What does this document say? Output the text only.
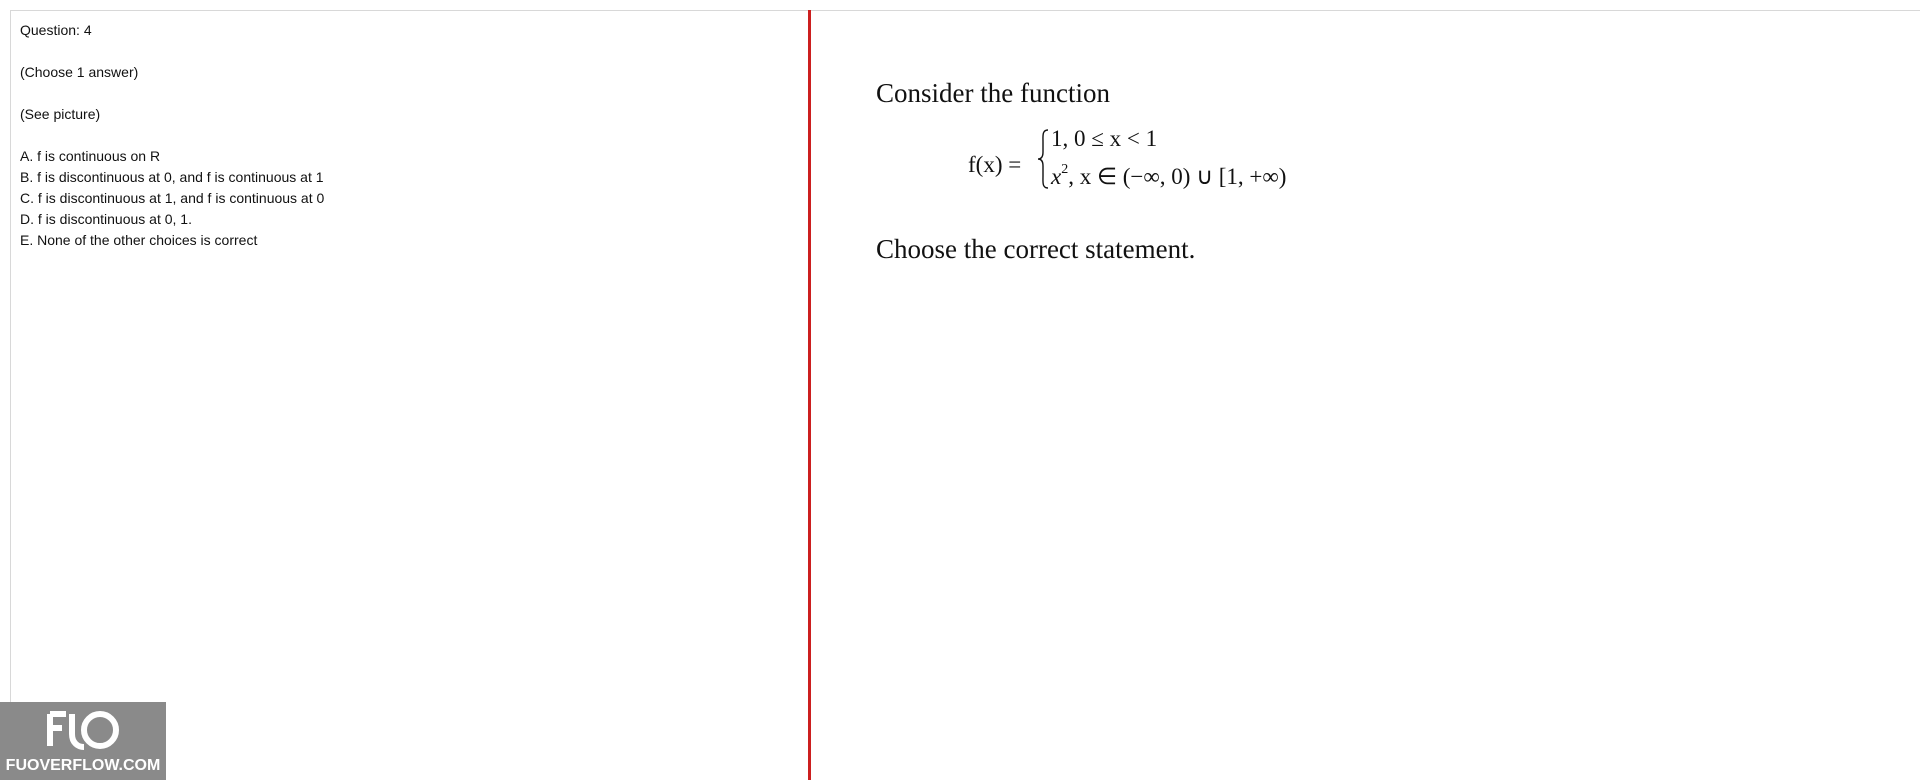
Question: 4

(Choose 1 answer)

(See picture)

A. f is continuous on R

B. f is discontinuous at 0, and f is continuous at 1

C. f is discontinuous at 1, and f is continuous at 0

D. f is discontinuous at 0, 1.

E. None of the other choices is correct

Consider the function

f(x) =
1, 0 ≤ x < 1
$x^2$, x ∈ (−∞, 0) ∪ [1, +∞)

Choose the correct statement.

FUOVERFLOW.COM
